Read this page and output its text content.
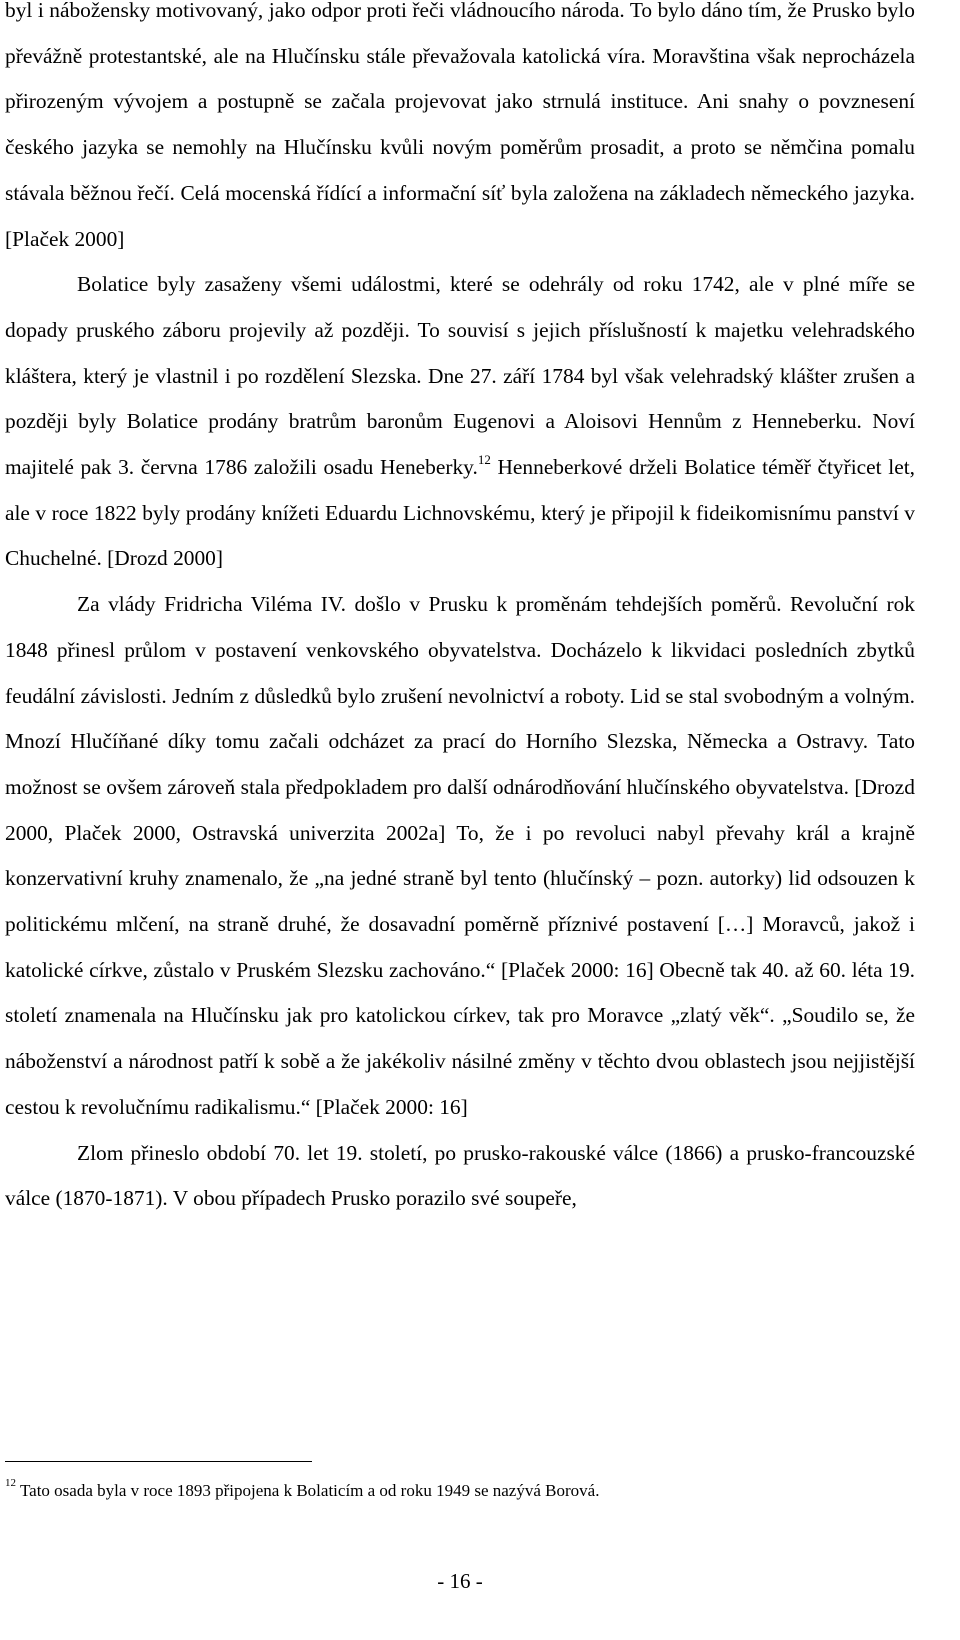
byl i nábožensky motivovaný, jako odpor proti řeči vládnoucího národa. To bylo dáno tím, že Prusko bylo převážně protestantské, ale na Hlučínsku stále převažovala katolická víra. Moravština však neprocházela přirozeným vývojem a postupně se začala projevovat jako strnulá instituce. Ani snahy o povznesení českého jazyka se nemohly na Hlučínsku kvůli novým poměrům prosadit, a proto se němčina pomalu stávala běžnou řečí. Celá mocenská řídící a informační síť byla založena na základech německého jazyka. [Plaček 2000]

Bolatice byly zasaženy všemi událostmi, které se odehrály od roku 1742, ale v plné míře se dopady pruského záboru projevily až později. To souvisí s jejich příslušností k majetku velehradského kláštera, který je vlastnil i po rozdělení Slezska. Dne 27. září 1784 byl však velehradský klášter zrušen a později byly Bolatice prodány bratrům baronům Eugenovi a Aloisovi Hennům z Henneberku. Noví majitelé pak 3. června 1786 založili osadu Heneberky.$^{12}$ Henneberkové drželi Bolatice téměř čtyřicet let, ale v roce 1822 byly prodány knížeti Eduardu Lichnovskému, který je připojil k fideikomisnímu panství v Chuchelné. [Drozd 2000]

Za vlády Fridricha Viléma IV. došlo v Prusku k proměnám tehdejších poměrů. Revoluční rok 1848 přinesl průlom v postavení venkovského obyvatelstva. Docházelo k likvidaci posledních zbytků feudální závislosti. Jedním z důsledků bylo zrušení nevolnictví a roboty. Lid se stal svobodným a volným. Mnozí Hlučíňané díky tomu začali odcházet za prací do Horního Slezska, Německa a Ostravy. Tato možnost se ovšem zároveň stala předpokladem pro další odnárodňování hlučínského obyvatelstva. [Drozd 2000, Plaček 2000, Ostravská univerzita 2002a] To, že i po revoluci nabyl převahy král a krajně konzervativní kruhy znamenalo, že „na jedné straně byl tento (hlučínský – pozn. autorky) lid odsouzen k politickému mlčení, na straně druhé, že dosavadní poměrně příznivé postavení […] Moravců, jakož i katolické církve, zůstalo v Pruském Slezsku zachováno.“ [Plaček 2000: 16] Obecně tak 40. až 60. léta 19. století znamenala na Hlučínsku jak pro katolickou církev, tak pro Moravce „zlatý věk“. „Soudilo se, že náboženství a národnost patří k sobě a že jakékoliv násilné změny v těchto dvou oblastech jsou nejjistější cestou k revolučnímu radikalismu.“ [Plaček 2000: 16]

Zlom přineslo období 70. let 19. století, po prusko-rakouské válce (1866) a prusko-francouzské válce (1870-1871). V obou případech Prusko porazilo své soupeře,

$^{12}$ Tato osada byla v roce 1893 připojena k Bolaticím a od roku 1949 se nazývá Borová.

- 16 -
